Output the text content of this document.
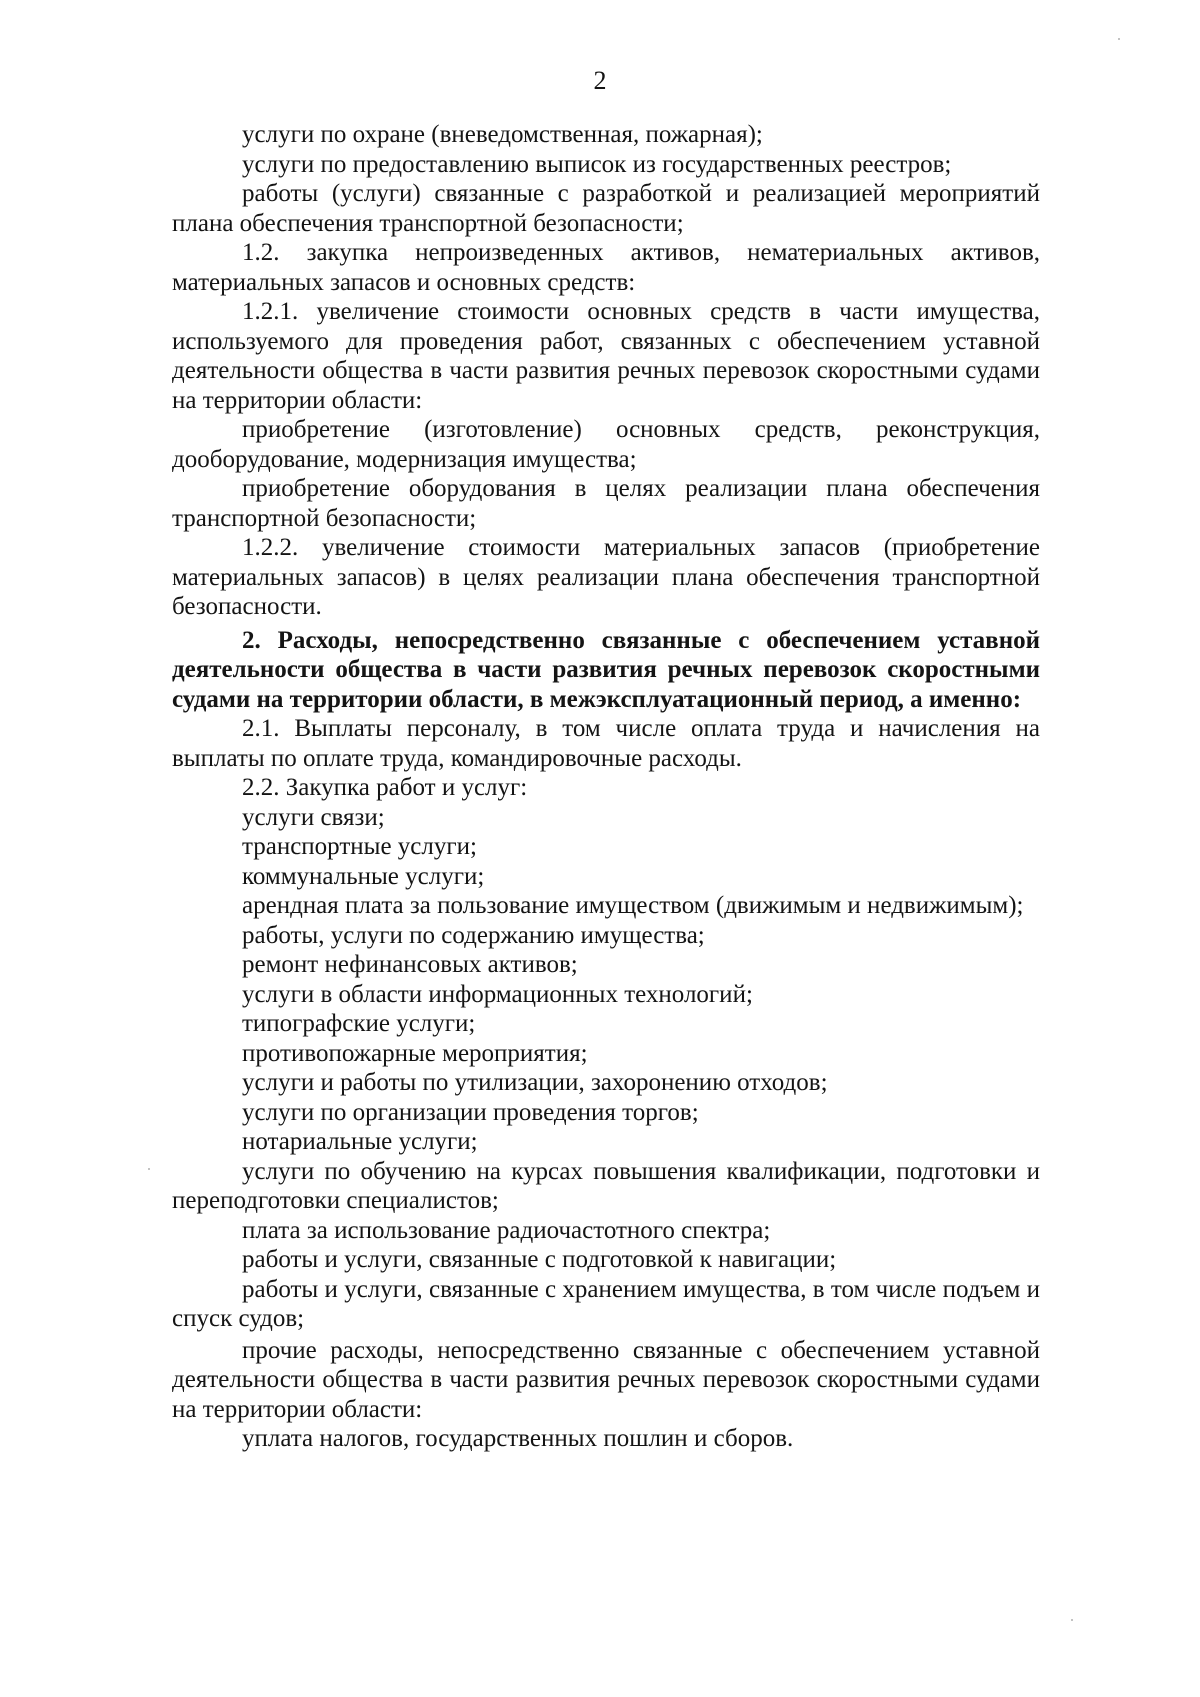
2

услуги по охране (вневедомственная, пожарная);

услуги по предоставлению выписок из государственных реестров;

работы (услуги) связанные с разработкой и реализацией мероприятий плана обеспечения транспортной безопасности;

1.2. закупка непроизведенных активов, нематериальных активов, материальных запасов и основных средств:

1.2.1. увеличение стоимости основных средств в части имущества, используемого для проведения работ, связанных с обеспечением уставной деятельности общества в части развития речных перевозок скоростными судами на территории области:

приобретение (изготовление) основных средств, реконструкция, дооборудование, модернизация имущества;

приобретение оборудования в целях реализации плана обеспечения транспортной безопасности;

1.2.2. увеличение стоимости материальных запасов (приобретение материальных запасов) в целях реализации плана обеспечения транспортной безопасности.

2. Расходы, непосредственно связанные с обеспечением уставной деятельности общества в части развития речных перевозок скоростными судами на территории области, в межэксплуатационный период, а именно:

2.1. Выплаты персоналу, в том числе оплата труда и начисления на выплаты по оплате труда, командировочные расходы.

2.2. Закупка работ и услуг:

услуги связи;

транспортные услуги;

коммунальные услуги;

арендная плата за пользование имуществом (движимым и недвижимым);

работы, услуги по содержанию имущества;

ремонт нефинансовых активов;

услуги в области информационных технологий;

типографские услуги;

противопожарные мероприятия;

услуги и работы по утилизации, захоронению отходов;

услуги по организации проведения торгов;

нотариальные услуги;

услуги по обучению на курсах повышения квалификации, подготовки и переподготовки специалистов;

плата за использование радиочастотного спектра;

работы и услуги, связанные с подготовкой к навигации;

работы и услуги, связанные с хранением имущества, в том числе подъем и спуск судов;

прочие расходы, непосредственно связанные с обеспечением уставной деятельности общества в части развития речных перевозок скоростными судами на территории области:

уплата налогов, государственных пошлин и сборов.
